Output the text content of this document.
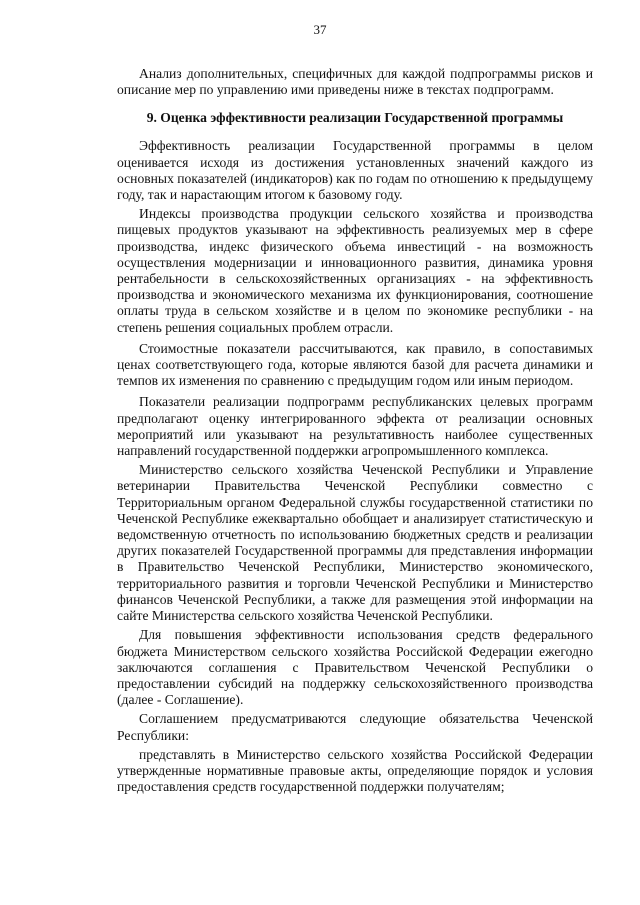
37

Анализ дополнительных, специфичных для каждой подпрограммы рисков и описание мер по управлению ими приведены ниже в текстах подпрограмм.

9. Оценка эффективности реализации Государственной программы

Эффективность реализации Государственной программы в целом оценивается исходя из достижения установленных значений каждого из основных показателей (индикаторов) как по годам по отношению к предыдущему году, так и нарастающим итогом к базовому году.

Индексы производства продукции сельского хозяйства и производства пищевых продуктов указывают на эффективность реализуемых мер в сфере производства, индекс физического объема инвестиций - на возможность осуществления модернизации и инновационного развития, динамика уровня рентабельности в сельскохозяйственных организациях - на эффективность производства и экономического механизма их функционирования, соотношение оплаты труда в сельском хозяйстве и в целом по экономике республики - на степень решения социальных проблем отрасли.

Стоимостные показатели рассчитываются, как правило, в сопоставимых ценах соответствующего года, которые являются базой для расчета динамики и темпов их изменения по сравнению с предыдущим годом или иным периодом.

Показатели реализации подпрограмм республиканских целевых программ предполагают оценку интегрированного эффекта от реализации основных мероприятий или указывают на результативность наиболее существенных направлений государственной поддержки агропромышленного комплекса.

Министерство сельского хозяйства Чеченской Республики и Управление ветеринарии Правительства Чеченской Республики совместно с Территориальным органом Федеральной службы государственной статистики по Чеченской Республике ежеквартально обобщает и анализирует статистическую и ведомственную отчетность по использованию бюджетных средств и реализации других показателей Государственной программы для представления информации в Правительство Чеченской Республики, Министерство экономического, территориального развития и торговли Чеченской Республики и Министерство финансов Чеченской Республики, а также для размещения этой информации на сайте Министерства сельского хозяйства Чеченской Республики.

Для повышения эффективности использования средств федерального бюджета Министерством сельского хозяйства Российской Федерации ежегодно заключаются соглашения с Правительством Чеченской Республики о предоставлении субсидий на поддержку сельскохозяйственного производства (далее - Соглашение).

Соглашением предусматриваются следующие обязательства Чеченской Республики:

представлять в Министерство сельского хозяйства Российской Федерации утвержденные нормативные правовые акты, определяющие порядок и условия предоставления средств государственной поддержки получателям;
